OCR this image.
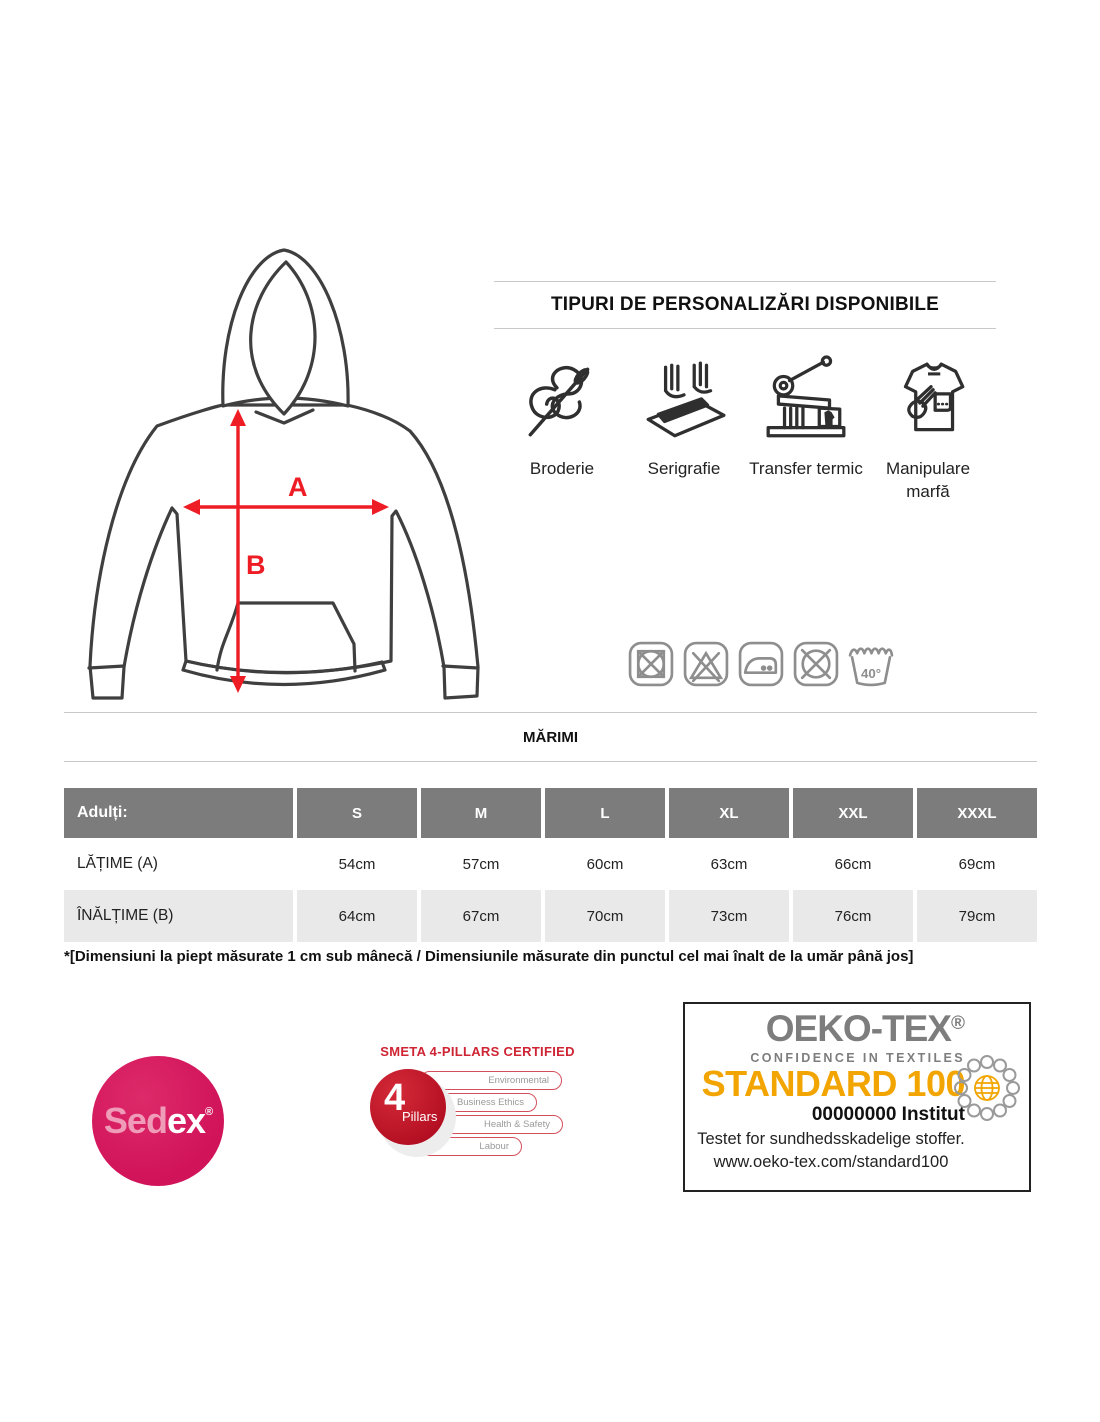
A
B
TIPURI DE PERSONALIZĂRI DISPONIBILE
Broderie	Serigrafie Transfer termic	Manipulare marfă
40°
MĂRIMI
Adulți:	S	M	L	XL	XXL	XXXL
LĂȚIME (A)	54cm	57cm	60cm	63cm	66cm	69cm
ÎNĂLȚIME (B)	64cm	67cm	70cm	73cm	76cm	79cm
*[Dimensiuni la piept măsurate 1 cm sub mânecă / Dimensiunile măsurate din punctul cel mai înalt de la umăr până jos]
Sedex®
SMETA 4-PILLARS CERTIFIED
Environmental
Business Ethics
Health & Safety
Labour
4
Pillars
OEKO-TEX®
CONFIDENCE IN TEXTILES
STANDARD 100
00000000 Institut
Testet for sundhedsskadelige stoffer.
www.oeko-tex.com/standard100
